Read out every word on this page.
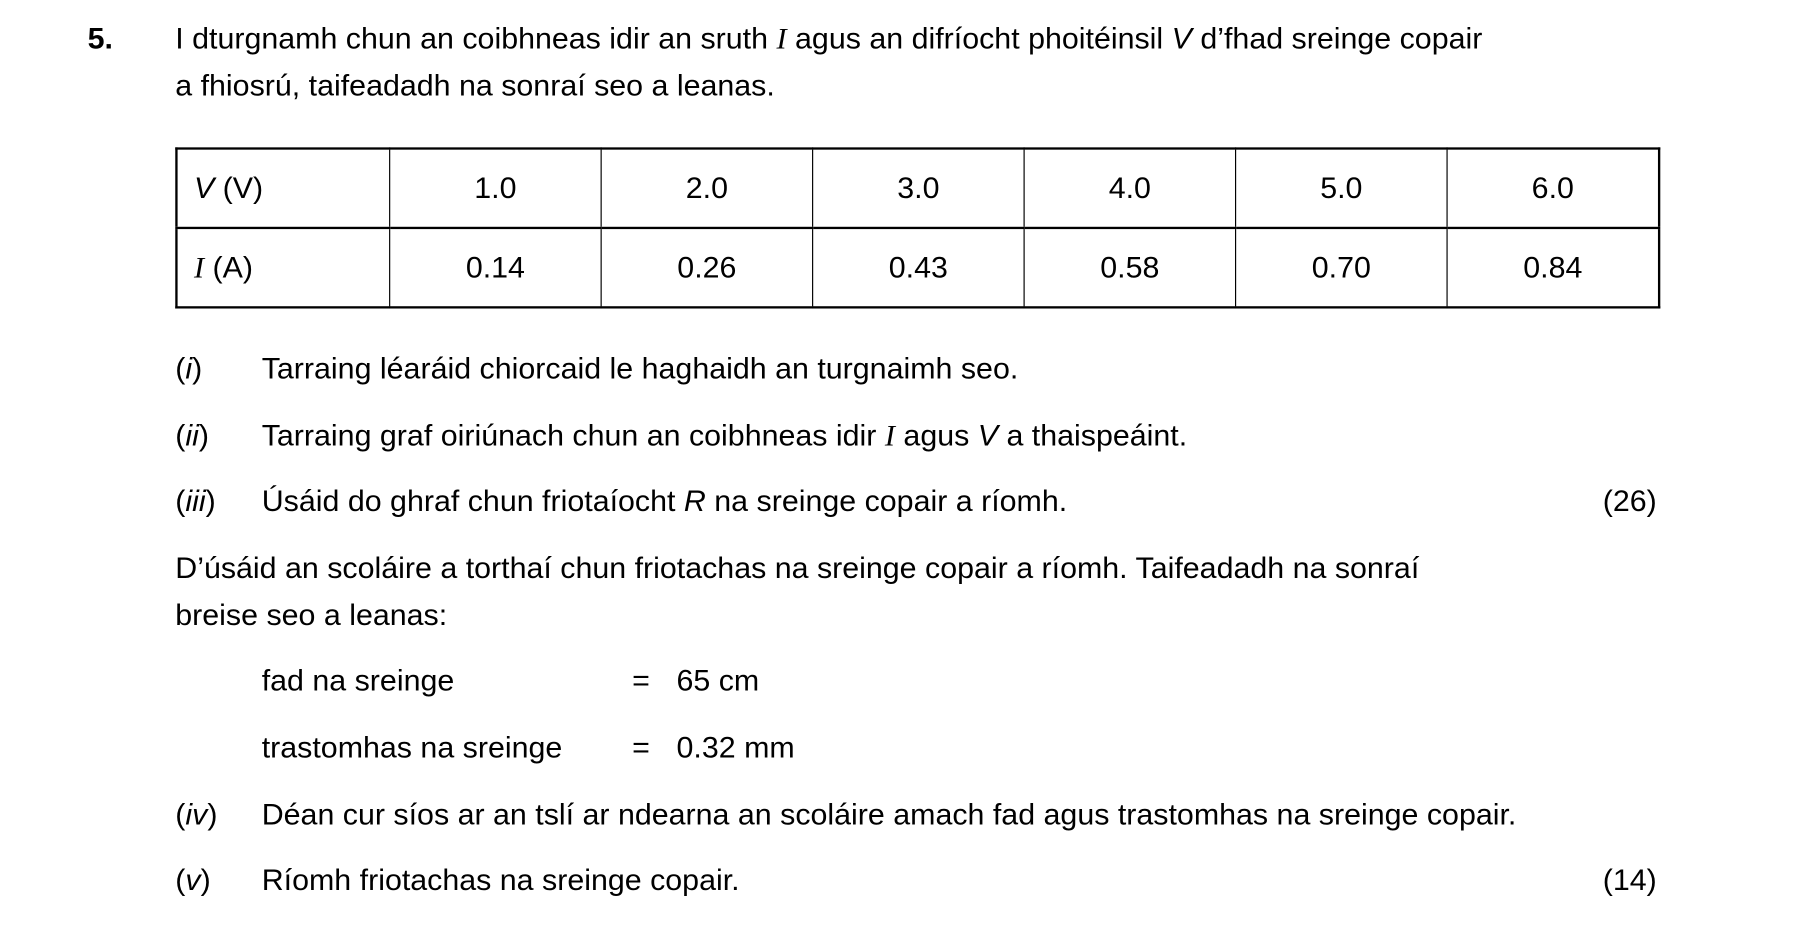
5. I dturgnamh chun an coibhneas idir an sruth I agus an difríocht phoitéinsil V d’fhad sreinge copair
a fhiosrú, taifeadadh na sonraí seo a leanas.
V (V)	1.0	2.0	3.0	4.0	5.0	6.0
I (A)	0.14	0.26	0.43	0.58	0.70	0.84
(i) Tarraing léaráid chiorcaid le haghaidh an turgnaimh seo.
(ii) Tarraing graf oiriúnach chun an coibhneas idir I agus V a thaispeáint.
(iii) Úsáid do ghraf chun friotaíocht R na sreinge copair a ríomh.	(26)
D’úsáid an scoláire a torthaí chun friotachas na sreinge copair a ríomh. Taifeadadh na sonraí
breise seo a leanas:
fad na sreinge	= 65 cm
trastomhas na sreinge	= 0.32 mm
(iv) Déan cur síos ar an tslí ar ndearna an scoláire amach fad agus trastomhas na sreinge copair.
(v) Ríomh friotachas na sreinge copair.	(14)
